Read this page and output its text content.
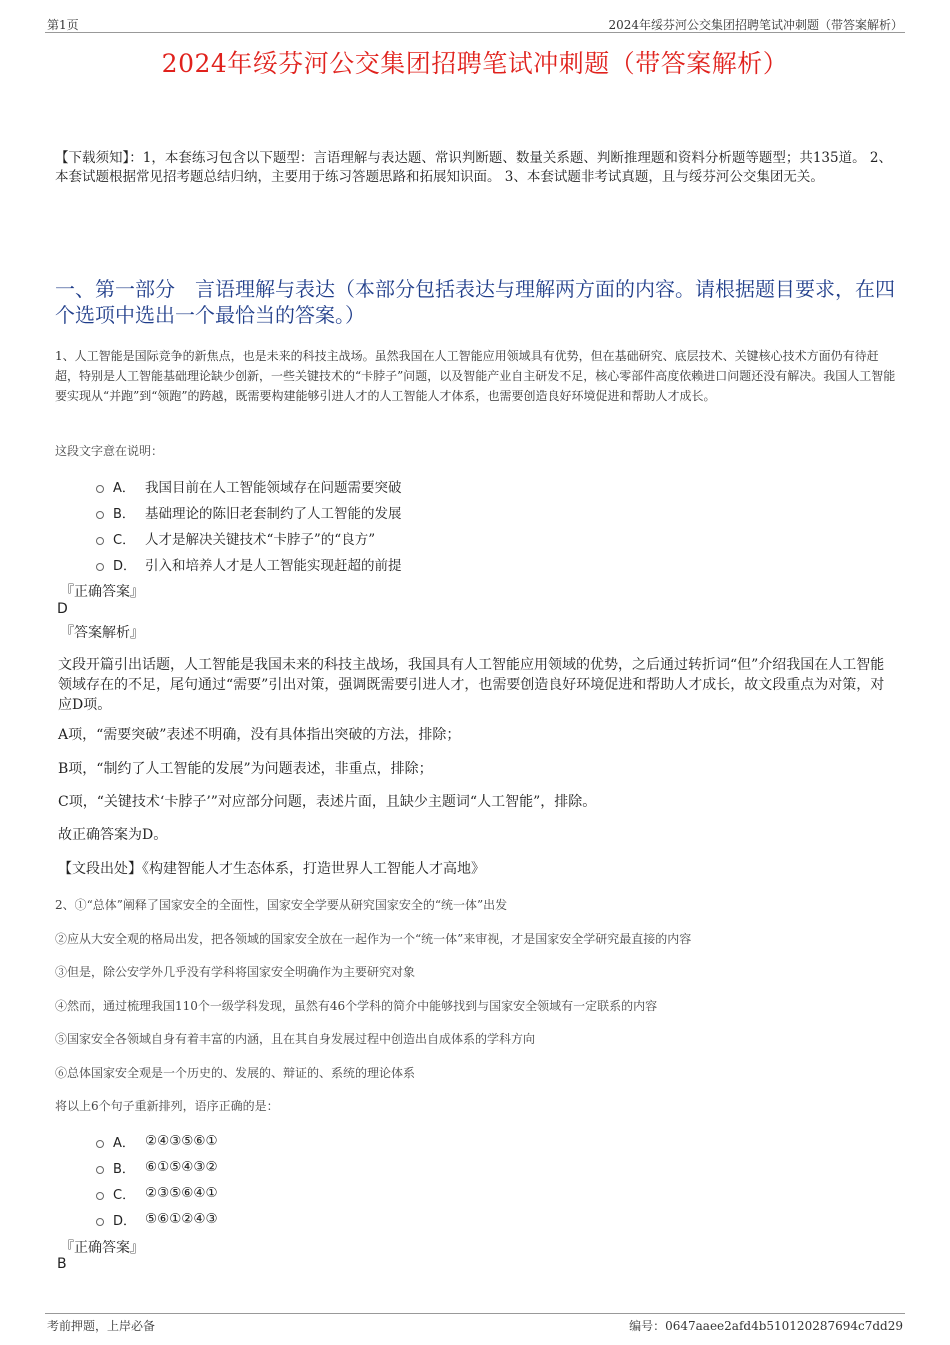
第1页	2024年绥芬河公交集团招聘笔试冲刺题（带答案解析）
2024年绥芬河公交集团招聘笔试冲刺题（带答案解析）
【下载须知】：1，本套练习包含以下题型：言语理解与表达题、常识判断题、数量关系题、判断推理题和资料分析题等题型；共135道。 2、本套试题根据常见招考题总结归纳，主要用于练习答题思路和拓展知识面。 3、本套试题非考试真题，且与绥芬河公交集团无关。
一、第一部分　言语理解与表达（本部分包括表达与理解两方面的内容。请根据题目要求，在四个选项中选出一个最恰当的答案。）
1、人工智能是国际竞争的新焦点，也是未来的科技主战场。虽然我国在人工智能应用领域具有优势，但在基础研究、底层技术、关键核心技术方面仍有待赶超，特别是人工智能基础理论缺少创新，一些关键技术的“卡脖子”问题，以及智能产业自主研发不足，核心零部件高度依赖进口问题还没有解决。我国人工智能要实现从“并跑”到“领跑”的跨越，既需要构建能够引进人才的人工智能人才体系，也需要创造良好环境促进和帮助人才成长。
这段文字意在说明：
A． 我国目前在人工智能领域存在问题需要突破
B． 基础理论的陈旧老套制约了人工智能的发展
C． 人才是解决关键技术“卡脖子”的“良方”
D． 引入和培养人才是人工智能实现赶超的前提
『正确答案』
D
『答案解析』
文段开篇引出话题，人工智能是我国未来的科技主战场，我国具有人工智能应用领域的优势，之后通过转折词“但”介绍我国在人工智能领域存在的不足，尾句通过“需要”引出对策，强调既需要引进人才，也需要创造良好环境促进和帮助人才成长，故文段重点为对策，对应D项。
A项，“需要突破”表述不明确，没有具体指出突破的方法，排除；
B项，“制约了人工智能的发展”为问题表述，非重点，排除；
C项，“关键技术‘卡脖子’”对应部分问题，表述片面，且缺少主题词“人工智能”，排除。
故正确答案为D。
【文段出处】《构建智能人才生态体系，打造世界人工智能人才高地》
2、①“总体”阐释了国家安全的全面性，国家安全学要从研究国家安全的“统一体”出发
②应从大安全观的格局出发，把各领域的国家安全放在一起作为一个“统一体”来审视，才是国家安全学研究最直接的内容
③但是，除公安学外几乎没有学科将国家安全明确作为主要研究对象
④然而，通过梳理我国110个一级学科发现，虽然有46个学科的简介中能够找到与国家安全领域有一定联系的内容
⑤国家安全各领域自身有着丰富的内涵，且在其自身发展过程中创造出自成体系的学科方向
⑥总体国家安全观是一个历史的、发展的、辩证的、系统的理论体系
将以上6个句子重新排列，语序正确的是：
A． ②④③⑤⑥①
B． ⑥①⑤④③②
C． ②③⑤⑥④①
D． ⑤⑥①②④③
『正确答案』
B
考前押题，上岸必备	编号：0647aaee2afd4b510120287694c7dd29
